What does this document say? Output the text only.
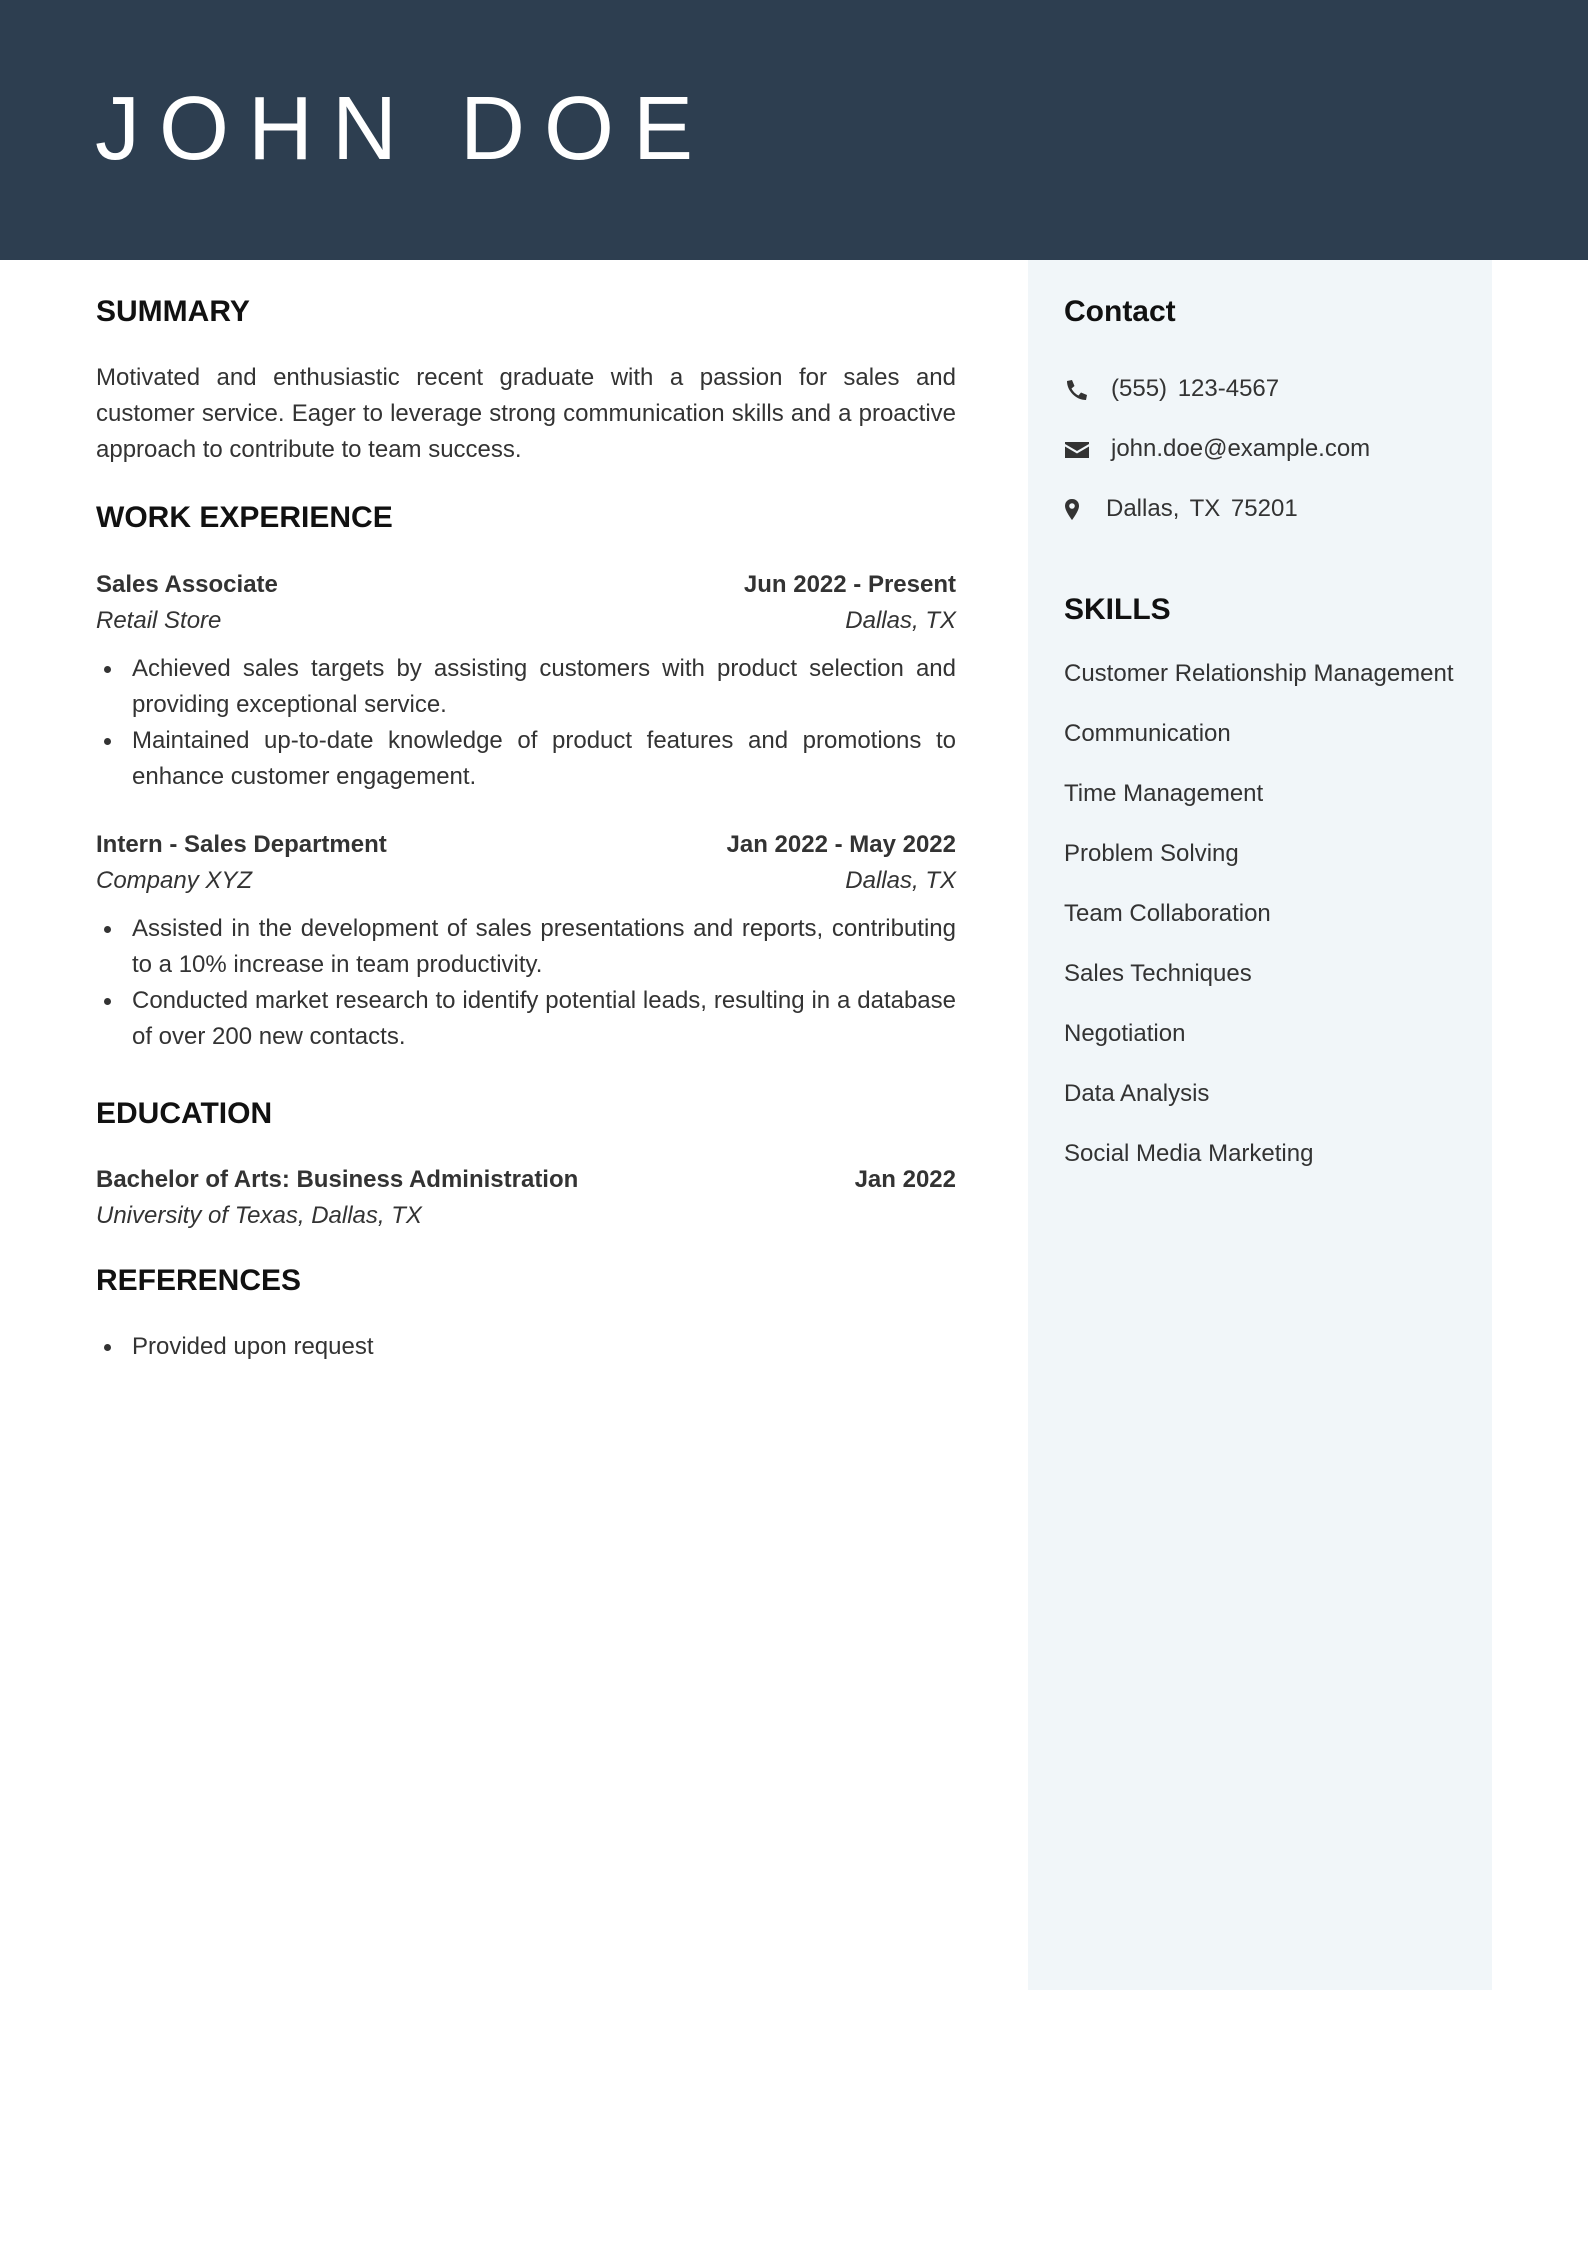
JOHN DOE
SUMMARY
Motivated and enthusiastic recent graduate with a passion for sales and customer service. Eager to leverage strong communication skills and a proactive approach to contribute to team success.
WORK EXPERIENCE
Sales Associate	Jun 2022 - Present
Retail Store	Dallas, TX
Achieved sales targets by assisting customers with product selection and providing exceptional service.
Maintained up-to-date knowledge of product features and promotions to enhance customer engagement.
Intern - Sales Department	Jan 2022 - May 2022
Company XYZ	Dallas, TX
Assisted in the development of sales presentations and reports, contributing to a 10% increase in team productivity.
Conducted market research to identify potential leads, resulting in a database of over 200 new contacts.
EDUCATION
Bachelor of Arts: Business Administration	Jan 2022
University of Texas, Dallas, TX
REFERENCES
Provided upon request
Contact
(555) 123-4567
john.doe@example.com
Dallas, TX 75201
SKILLS
Customer Relationship Management
Communication
Time Management
Problem Solving
Team Collaboration
Sales Techniques
Negotiation
Data Analysis
Social Media Marketing
